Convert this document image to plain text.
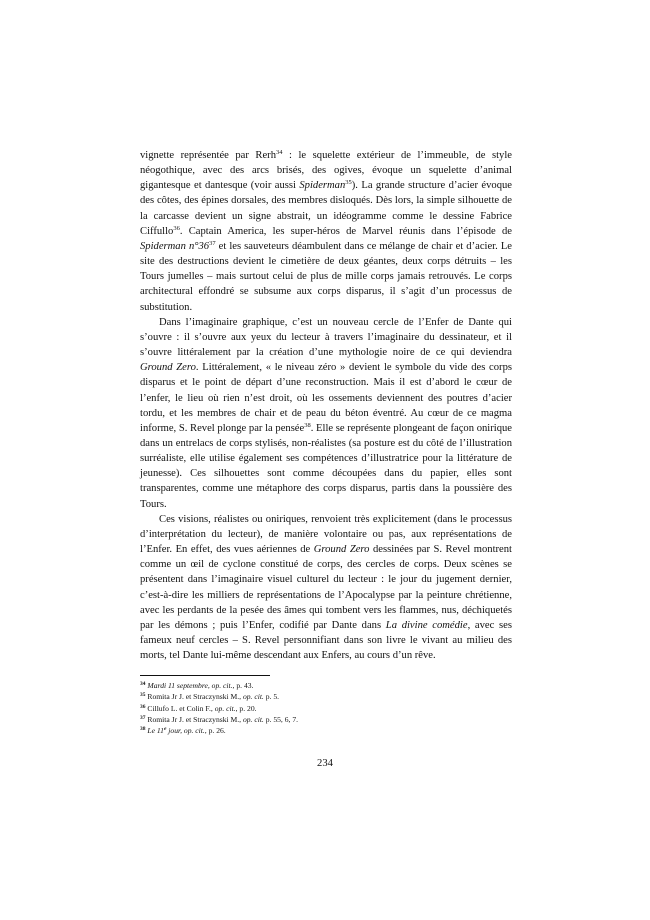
vignette représentée par Rerh$^{34}$ : le squelette extérieur de l’immeuble, de style néogothique, avec des arcs brisés, des ogives, évoque un squelette d’animal gigantesque et dantesque (voir aussi Spiderman$^{35}$). La grande structure d’acier évoque des côtes, des épines dorsales, des membres disloqués. Dès lors, la simple silhouette de la carcasse devient un signe abstrait, un idéogramme comme le dessine Fabrice Ciffullo$^{36}$. Captain America, les super-héros de Marvel réunis dans l’épisode de Spiderman $n^\circ 36^{37}$ et les sauveteurs déambulent dans ce mélange de chair et d’acier. Le site des destructions devient le cimetière de deux géantes, deux corps détruits – les Tours jumelles – mais surtout celui de plus de mille corps jamais retrouvés. Le corps architectural effondré se subsume aux corps disparus, il s’agit d’un processus de substitution.

Dans l’imaginaire graphique, c’est un nouveau cercle de l’Enfer de Dante qui s’ouvre : il s’ouvre aux yeux du lecteur à travers l’imaginaire du dessinateur, et il s’ouvre littéralement par la création d’une mythologie noire de ce qui deviendra Ground Zero. Littéralement, « le niveau zéro » devient le symbole du vide des corps disparus et le point de départ d’une reconstruction. Mais il est d’abord le cœur de l’enfer, le lieu où rien n’est droit, où les ossements deviennent des poutres d’acier tordu, et les membres de chair et de peau du béton éventré. Au cœur de ce magma informe, S. Revel plonge par la pensée$^{38}$. Elle se représente plongeant de façon onirique dans un entrelacs de corps stylisés, non-réalistes (sa posture est du côté de l’illustration surréaliste, elle utilise également ses compétences d’illustratrice pour la littérature de jeunesse). Ces silhouettes sont comme découpées dans du papier, elles sont transparentes, comme une métaphore des corps disparus, partis dans la poussière des Tours.

Ces visions, réalistes ou oniriques, renvoient très explicitement (dans le processus d’interprétation du lecteur), de manière volontaire ou pas, aux représentations de l’Enfer. En effet, des vues aériennes de Ground Zero dessinées par S. Revel montrent comme un œil de cyclone constitué de corps, des cercles de corps. Deux scènes se présentent dans l’imaginaire visuel culturel du lecteur : le jour du jugement dernier, c’est-à-dire les milliers de représentations de l’Apocalypse par la peinture chrétienne, avec les perdants de la pesée des âmes qui tombent vers les flammes, nus, déchiquetés par les démons ; puis l’Enfer, codifié par Dante dans La divine comédie, avec ses fameux neuf cercles – S. Revel personnifiant dans son livre le vivant au milieu des morts, tel Dante lui-même descendant aux Enfers, au cours d’un rêve.

$^{34}$ Mardi 11 septembre, op. cit., p. 43.

$^{35}$ Romita Jr J. et Straczynski M., op. cit. p. 5.

$^{36}$ Cillufo L. et Colin F., op. cit., p. 20.

$^{37}$ Romita Jr J. et Straczynski M., op. cit. p. 55, 6, 7.

$^{38}$ Le 11e jour, op. cit., p. 26.

234
